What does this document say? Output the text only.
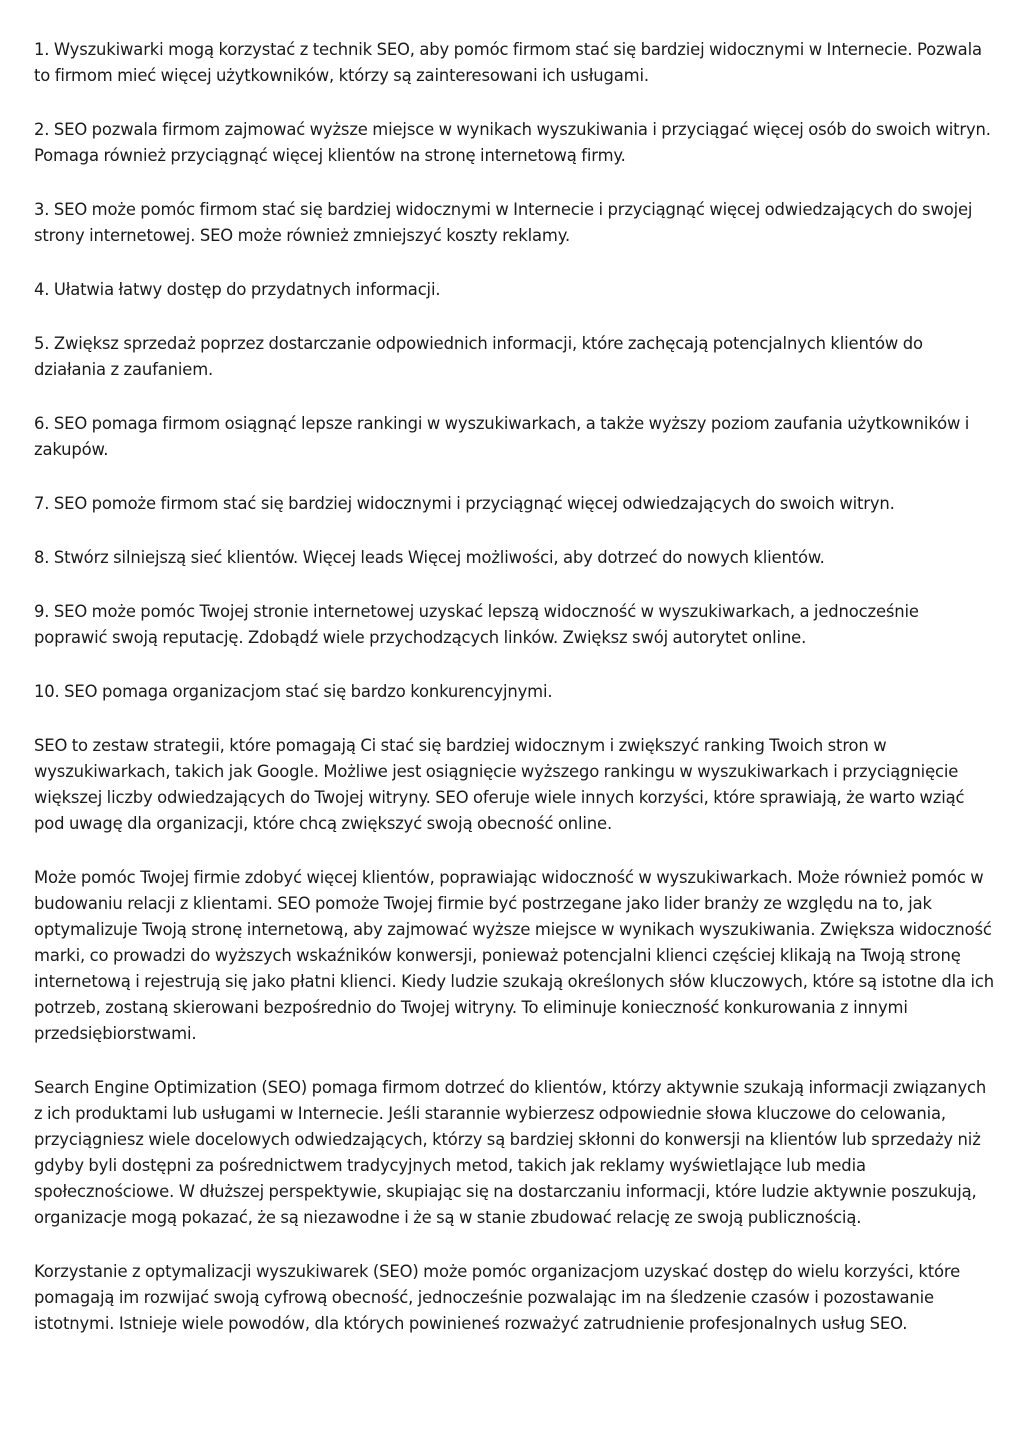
1. Wyszukiwarki mogą korzystać z technik SEO, aby pomóc firmom stać się bardziej widocznymi w Internecie. Pozwala to firmom mieć więcej użytkowników, którzy są zainteresowani ich usługami.

2. SEO pozwala firmom zajmować wyższe miejsce w wynikach wyszukiwania i przyciągać więcej osób do swoich witryn. Pomaga również przyciągnąć więcej klientów na stronę internetową firmy.

3. SEO może pomóc firmom stać się bardziej widocznymi w Internecie i przyciągnąć więcej odwiedzających do swojej strony internetowej. SEO może również zmniejszyć koszty reklamy.

4. Ułatwia łatwy dostęp do przydatnych informacji.

5. Zwiększ sprzedaż poprzez dostarczanie odpowiednich informacji, które zachęcają potencjalnych klientów do działania z zaufaniem.

6. SEO pomaga firmom osiągnąć lepsze rankingi w wyszukiwarkach, a także wyższy poziom zaufania użytkowników i zakupów.

7. SEO pomoże firmom stać się bardziej widocznymi i przyciągnąć więcej odwiedzających do swoich witryn.

8. Stwórz silniejszą sieć klientów. Więcej leads Więcej możliwości, aby dotrzeć do nowych klientów.

9. SEO może pomóc Twojej stronie internetowej uzyskać lepszą widoczność w wyszukiwarkach, a jednocześnie poprawić swoją reputację. Zdobądź wiele przychodzących linków. Zwiększ swój autorytet online.

10. SEO pomaga organizacjom stać się bardzo konkurencyjnymi.

SEO to zestaw strategii, które pomagają Ci stać się bardziej widocznym i zwiększyć ranking Twoich stron w wyszukiwarkach, takich jak Google. Możliwe jest osiągnięcie wyższego rankingu w wyszukiwarkach i przyciągnięcie większej liczby odwiedzających do Twojej witryny. SEO oferuje wiele innych korzyści, które sprawiają, że warto wziąć pod uwagę dla organizacji, które chcą zwiększyć swoją obecność online.

Może pomóc Twojej firmie zdobyć więcej klientów, poprawiając widoczność w wyszukiwarkach. Może również pomóc w budowaniu relacji z klientami. SEO pomoże Twojej firmie być postrzegane jako lider branży ze względu na to, jak optymalizuje Twoją stronę internetową, aby zajmować wyższe miejsce w wynikach wyszukiwania. Zwiększa widoczność marki, co prowadzi do wyższych wskaźników konwersji, ponieważ potencjalni klienci częściej klikają na Twoją stronę internetową i rejestrują się jako płatni klienci. Kiedy ludzie szukają określonych słów kluczowych, które są istotne dla ich potrzeb, zostaną skierowani bezpośrednio do Twojej witryny. To eliminuje konieczność konkurowania z innymi przedsiębiorstwami.

Search Engine Optimization (SEO) pomaga firmom dotrzeć do klientów, którzy aktywnie szukają informacji związanych z ich produktami lub usługami w Internecie. Jeśli starannie wybierzesz odpowiednie słowa kluczowe do celowania, przyciągniesz wiele docelowych odwiedzających, którzy są bardziej skłonni do konwersji na klientów lub sprzedaży niż gdyby byli dostępni za pośrednictwem tradycyjnych metod, takich jak reklamy wyświetlające lub media społecznościowe. W dłuższej perspektywie, skupiając się na dostarczaniu informacji, które ludzie aktywnie poszukują, organizacje mogą pokazać, że są niezawodne i że są w stanie zbudować relację ze swoją publicznością.

Korzystanie z optymalizacji wyszukiwarek (SEO) może pomóc organizacjom uzyskać dostęp do wielu korzyści, które pomagają im rozwijać swoją cyfrową obecność, jednocześnie pozwalając im na śledzenie czasów i pozostawanie istotnymi. Istnieje wiele powodów, dla których powinieneś rozważyć zatrudnienie profesjonalnych usług SEO.
